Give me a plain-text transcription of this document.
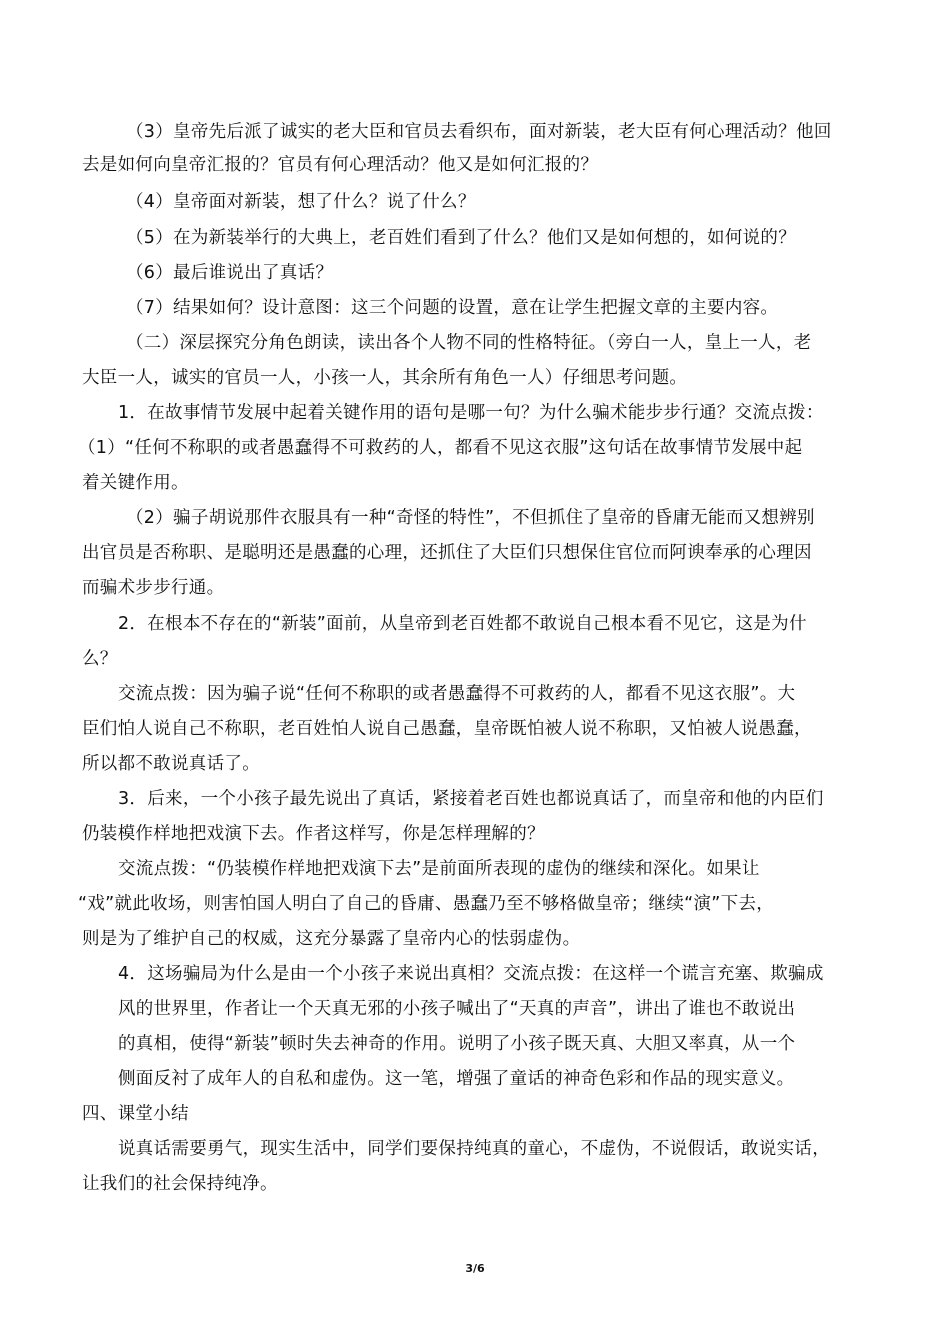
（3）皇帝先后派了诚实的老大臣和官员去看织布，面对新装，老大臣有何心理活动？他回
去是如何向皇帝汇报的？官员有何心理活动？他又是如何汇报的？
（4）皇帝面对新装，想了什么？说了什么？
（5）在为新装举行的大典上，老百姓们看到了什么？他们又是如何想的，如何说的？
（6）最后谁说出了真话？
（7）结果如何？设计意图：这三个问题的设置，意在让学生把握文章的主要内容。
（二）深层探究分角色朗读，读出各个人物不同的性格特征。（旁白一人，皇上一人，老
大臣一人，诚实的官员一人，小孩一人，其余所有角色一人）仔细思考问题。
1．在故事情节发展中起着关键作用的语句是哪一句？为什么骗术能步步行通？交流点拨：
（1）“任何不称职的或者愚蠢得不可救药的人，都看不见这衣服”这句话在故事情节发展中起
着关键作用。
（2）骗子胡说那件衣服具有一种“奇怪的特性”，不但抓住了皇帝的昏庸无能而又想辨别
出官员是否称职、是聪明还是愚蠢的心理，还抓住了大臣们只想保住官位而阿谀奉承的心理因
而骗术步步行通。
2．在根本不存在的“新装”面前，从皇帝到老百姓都不敢说自己根本看不见它，这是为什
么？
交流点拨：因为骗子说“任何不称职的或者愚蠢得不可救药的人，都看不见这衣服”。大
臣们怕人说自己不称职，老百姓怕人说自己愚蠢，皇帝既怕被人说不称职，又怕被人说愚蠢，
所以都不敢说真话了。
3．后来，一个小孩子最先说出了真话，紧接着老百姓也都说真话了，而皇帝和他的内臣们
仍装模作样地把戏演下去。作者这样写，你是怎样理解的？
交流点拨：“仍装模作样地把戏演下去”是前面所表现的虚伪的继续和深化。如果让
“戏”就此收场，则害怕国人明白了自己的昏庸、愚蠢乃至不够格做皇帝；继续“演”下去，
则是为了维护自己的权威，这充分暴露了皇帝内心的怯弱虚伪。
4．这场骗局为什么是由一个小孩子来说出真相？交流点拨：在这样一个谎言充塞、欺骗成
风的世界里，作者让一个天真无邪的小孩子喊出了“天真的声音”，讲出了谁也不敢说出
的真相，使得“新装”顿时失去神奇的作用。说明了小孩子既天真、大胆又率真，从一个
侧面反衬了成年人的自私和虚伪。这一笔，增强了童话的神奇色彩和作品的现实意义。
四、课堂小结
说真话需要勇气，现实生活中，同学们要保持纯真的童心，不虚伪，不说假话，敢说实话，
让我们的社会保持纯净。
3/6
